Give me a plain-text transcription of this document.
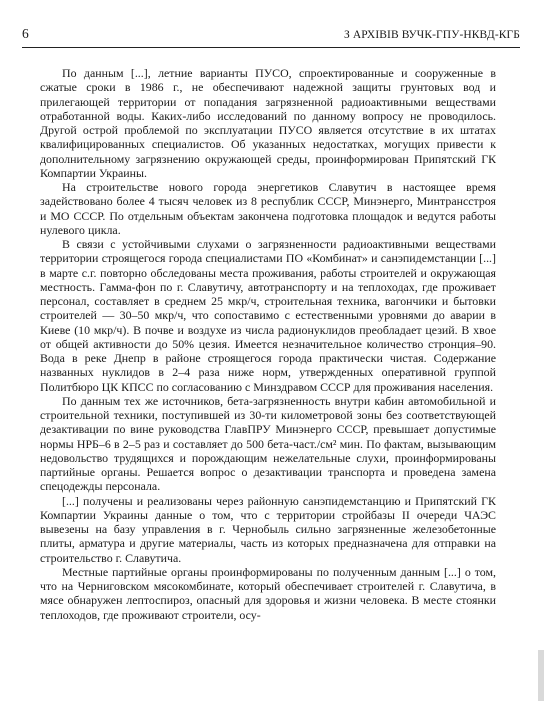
6	З АРХІВІВ ВУЧК-ГПУ-НКВД-КГБ

По данным [...], летние варианты ПУСО, спроектированные и сооруженные в сжатые сроки в 1986 г., не обеспечивают надежной защиты грунтовых вод и прилегающей территории от попадания загрязненной радиоактивными веществами отработанной воды. Каких-либо исследований по данному вопросу не проводилось. Другой острой проблемой по эксплуатации ПУСО является отсутствие в их штатах квалифицированных специалистов. Об указанных недостатках, могущих привести к дополнительному загрязнению окружающей среды, проинформирован Припятский ГК Компартии Украины.

На строительстве нового города энергетиков Славутич в настоящее время задействовано более 4 тысяч человек из 8 республик СССР, Минэнерго, Минтрансстроя и МО СССР. По отдельным объектам закончена подготовка площадок и ведутся работы нулевого цикла.

В связи с устойчивыми слухами о загрязненности радиоактивными веществами территории строящегося города специалистами ПО «Комбинат» и санэпидемстанции [...] в марте с.г. повторно обследованы места проживания, работы строителей и окружающая местность. Гамма-фон по г. Славутичу, автотранспорту и на теплоходах, где проживает персонал, составляет в среднем 25 мкр/ч, строительная техника, вагончики и бытовки строителей — 30–50 мкр/ч, что сопоставимо с естественными уровнями до аварии в Киеве (10 мкр/ч). В почве и воздухе из числа радионуклидов преобладает цезий. В хвое от общей активности до 50% цезия. Имеется незначительное количество стронция–90. Вода в реке Днепр в районе строящегося города практически чистая. Содержание названных нуклидов в 2–4 раза ниже норм, утвержденных оперативной группой Политбюро ЦК КПСС по согласованию с Минздравом СССР для проживания населения.

По данным тех же источников, бета-загрязненность внутри кабин автомобильной и строительной техники, поступившей из 30-ти километровой зоны без соответствующей дезактивации по вине руководства ГлавПРУ Минэнерго СССР, превышает допустимые нормы НРБ–6 в 2–5 раз и составляет до 500 бета-част./см² мин. По фактам, вызывающим недовольство трудящихся и порождающим нежелательные слухи, проинформированы партийные органы. Решается вопрос о дезактивации транспорта и проведена замена спецодежды персонала.

[...] получены и реализованы через районную санэпидемстанцию и Припятский ГК Компартии Украины данные о том, что с территории стройбазы II очереди ЧАЭС вывезены на базу управления в г. Чернобыль сильно загрязненные железобетонные плиты, арматура и другие материалы, часть из которых предназначена для отправки на строительство г. Славутича.

Местные партийные органы проинформированы по полученным данным [...] о том, что на Черниговском мясокомбинате, который обеспечивает строителей г. Славутича, в мясе обнаружен лептоспироз, опасный для здоровья и жизни человека. В месте стоянки теплоходов, где проживают строители, осу-
